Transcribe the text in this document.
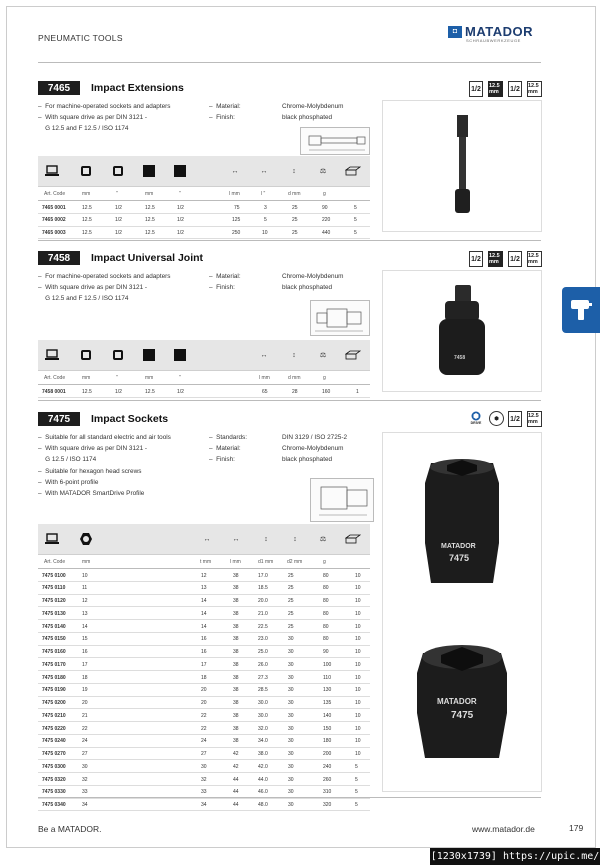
PNEUMATIC TOOLS
◘ MATADOR
SCHRAUBWERKZEUGE
7465	Impact Extensions	1/2	12.5 mm	1/2	12.5 mm
–  For machine-operated sockets and adapters
–  With square drive as per DIN 3121 -
G 12.5 and F 12.5 / ISO 1174
–  Material:	Chrome-Molybdenum
–  Finish:	black phosphated
↔	↔	↕	⚖
Art. Code	mm	"	mm	"	l mm	l "	d mm	g
7465 0001	12.5	1/2	12.5	1/2	75	3	25	90	5
7465 0002	12.5	1/2	12.5	1/2	125	5	25	220	5
7465 0003	12.5	1/2	12.5	1/2	250	10	25	440	5
7458	Impact Universal Joint	1/2	12.5 mm	1/2	12.5 mm
–  For machine-operated sockets and adapters
–  With square drive as per DIN 3121 -
G 12.5 and F 12.5 / ISO 1174
–  Material:	Chrome-Molybdenum
–  Finish:	black phosphated
7458
↔	↕	⚖
Art. Code	mm	"	mm	"	l mm	d mm	g
7458 0001	12.5	1/2	12.5	1/2	65	28	160	1
7475	Impact Sockets	DRIVE
⬢	1/2	12.5 mm
–  Suitable for all standard electric and air tools
–  With square drive as per DIN 3121 -
G 12.5 / ISO 1174
–  Suitable for hexagon head screws
–  With 6-point profile
–  With MATADOR SmartDrive Profile
–  Standards:	DIN 3129 / ISO 2725-2
–  Material:	Chrome-Molybdenum
–  Finish:	black phosphated
MATADOR
7475
MATADOR
7475
↔	↔	↕	↕	⚖
Art. Code	mm	t mm	l mm	d1 mm	d2 mm	g
7475 0100	10	12	38	17.0	25	80	10
7475 0110	11	13	38	18.5	25	80	10
7475 0120	12	14	38	20.0	25	80	10
7475 0130	13	14	38	21.0	25	80	10
7475 0140	14	14	38	22.5	25	80	10
7475 0150	15	16	38	23.0	30	80	10
7475 0160	16	16	38	25.0	30	90	10
7475 0170	17	17	38	26.0	30	100	10
7475 0180	18	18	38	27.3	30	110	10
7475 0190	19	20	38	28.5	30	130	10
7475 0200	20	20	38	30.0	30	135	10
7475 0210	21	22	38	30.0	30	140	10
7475 0220	22	22	38	32.0	30	150	10
7475 0240	24	24	38	34.0	30	180	10
7475 0270	27	27	42	38.0	30	200	10
7475 0300	30	30	42	42.0	30	240	5
7475 0320	32	32	44	44.0	30	260	5
7475 0330	33	33	44	46.0	30	310	5
7475 0340	34	34	44	48.0	30	320	5
Be a MATADOR.	www.matador.de	179
[1230x1739] https://upic.me/
